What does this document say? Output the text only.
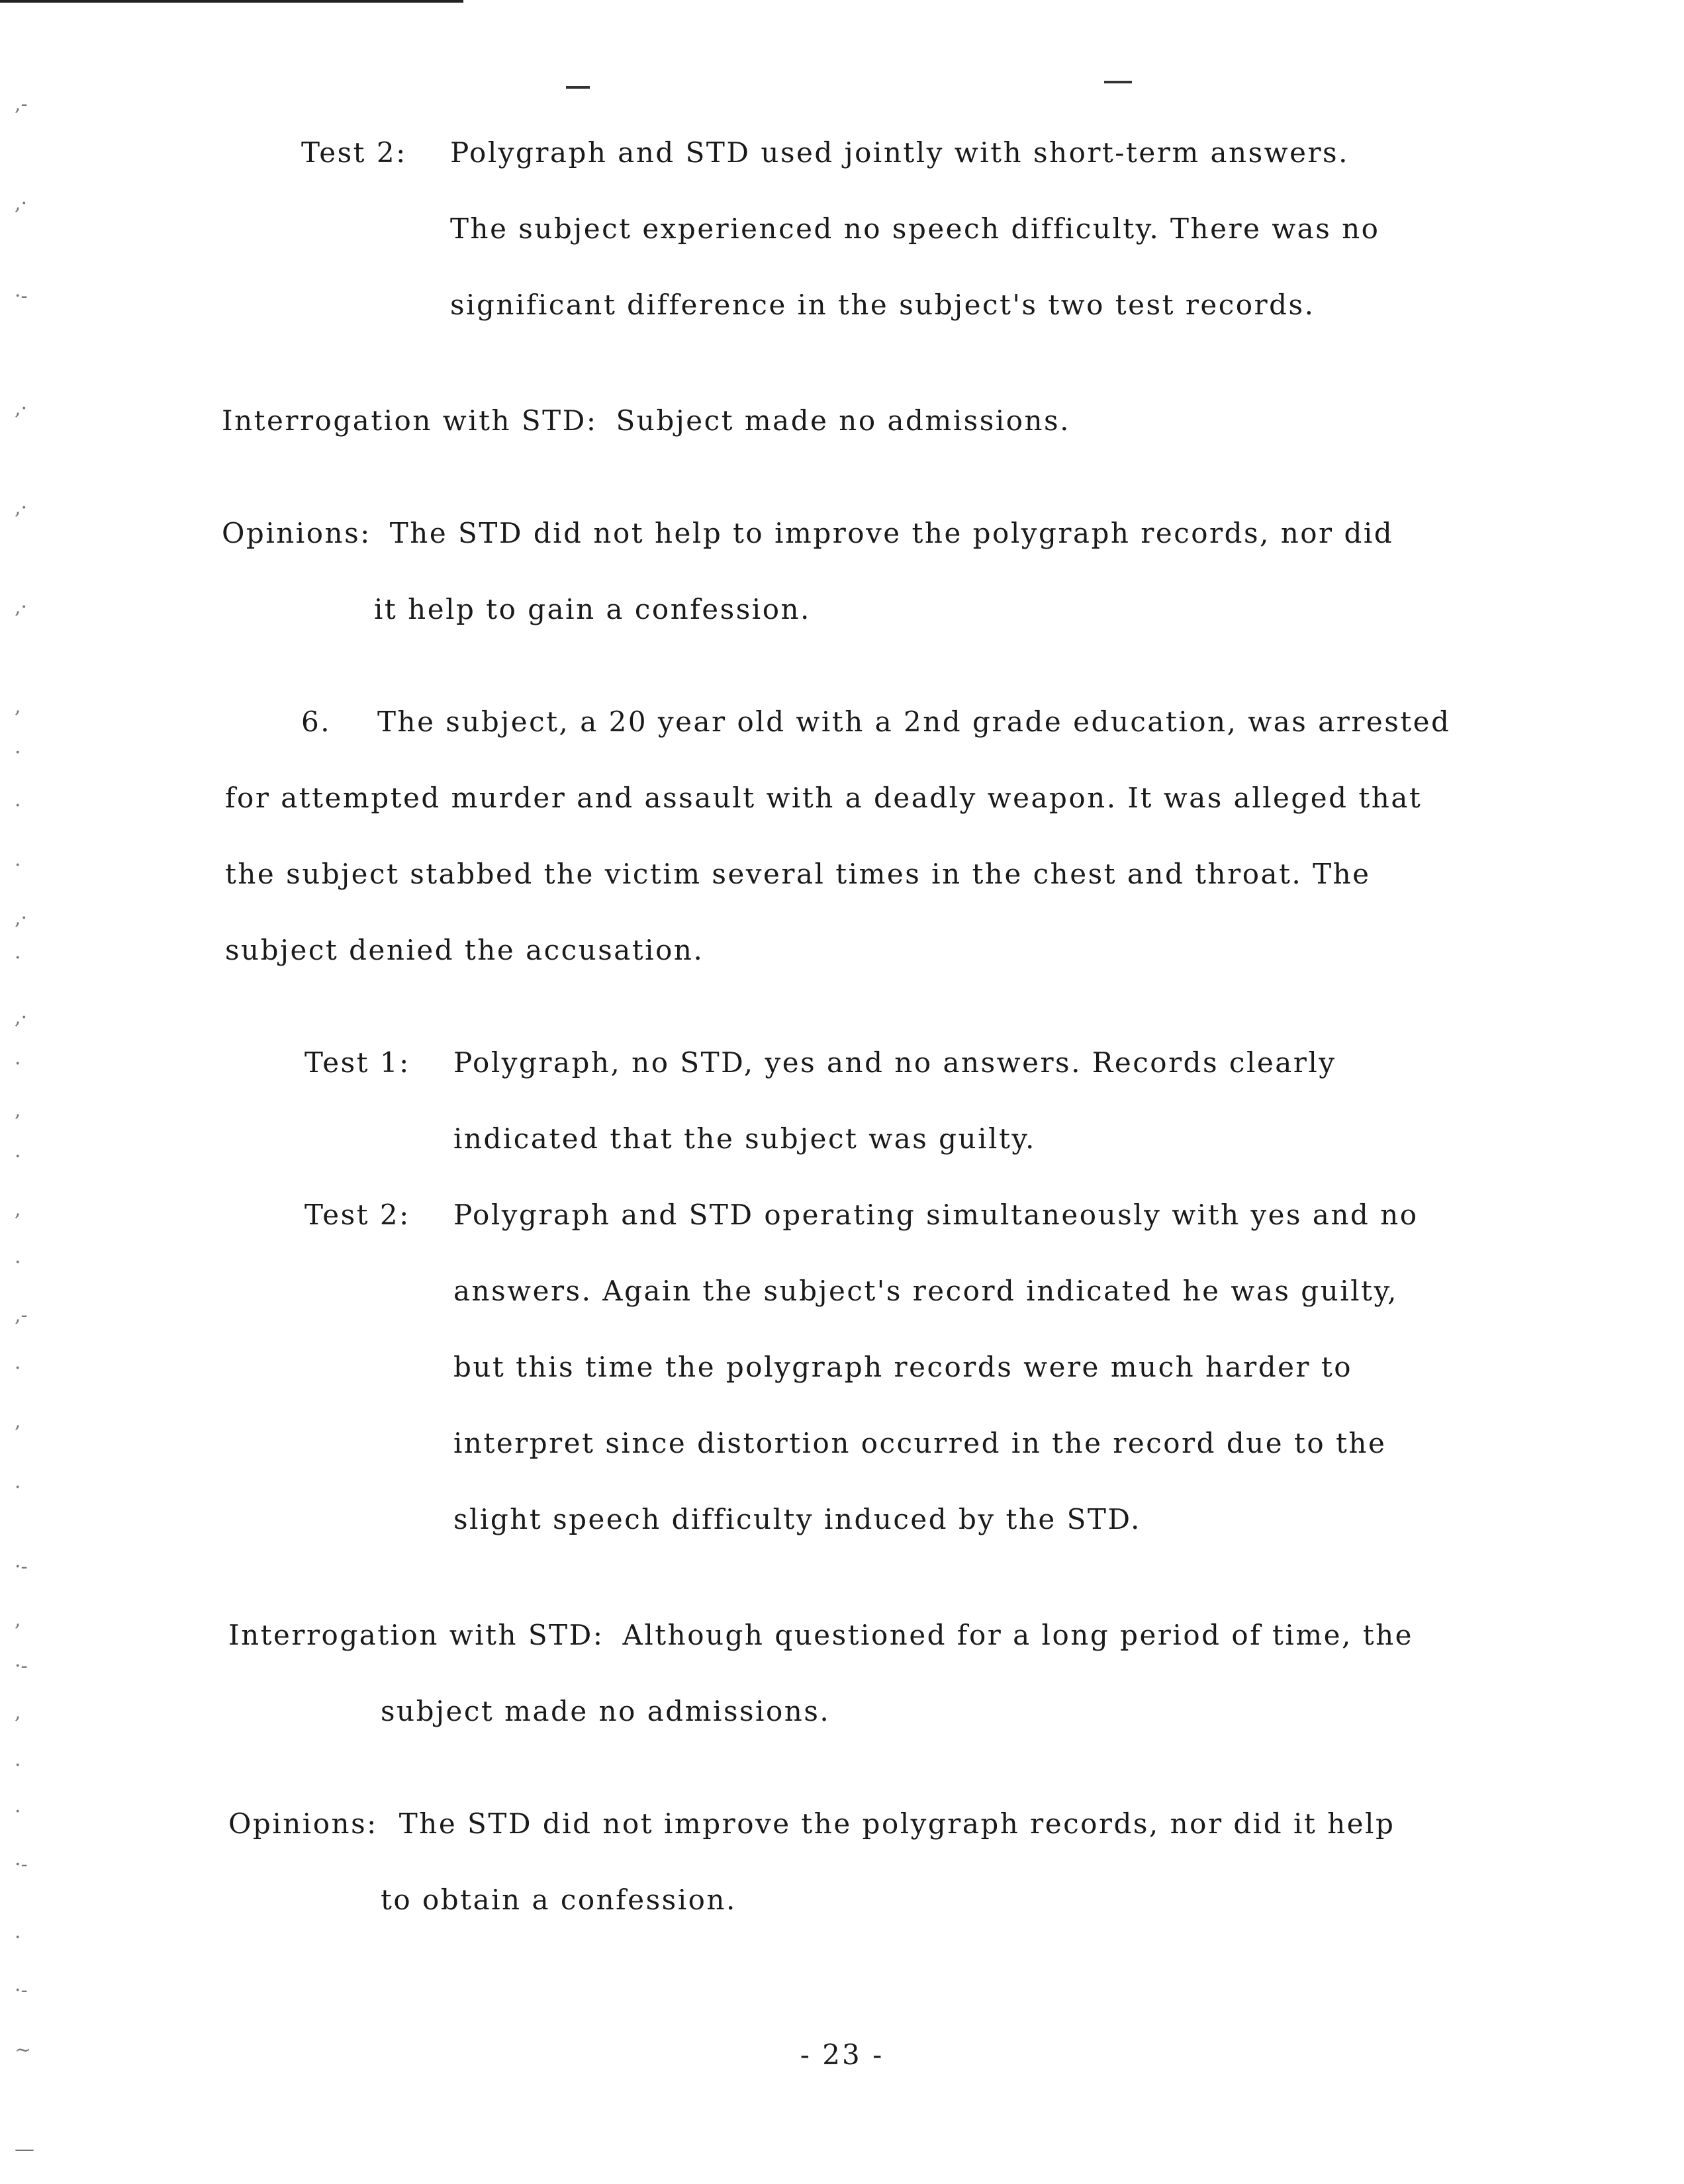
,-
,·
·-
,·
,·
,·
,
·
·
·
,·
·
,·
·
,
·
,
·
,-
·
,
·
·-
,
·-
,
·
·
·-
·
·-
~
—
Test 2: Polygraph and STD used jointly with short-term answers.
The subject experienced no speech difficulty. There was no
significant difference in the subject's two test records.
Interrogation with STD: Subject made no admissions.
Opinions: The STD did not help to improve the polygraph records, nor did
it help to gain a confession.
6. The subject, a 20 year old with a 2nd grade education, was arrested
for attempted murder and assault with a deadly weapon. It was alleged that
the subject stabbed the victim several times in the chest and throat. The
subject denied the accusation.
Test 1: Polygraph, no STD, yes and no answers. Records clearly
indicated that the subject was guilty.
Test 2: Polygraph and STD operating simultaneously with yes and no
answers. Again the subject's record indicated he was guilty,
but this time the polygraph records were much harder to
interpret since distortion occurred in the record due to the
slight speech difficulty induced by the STD.
Interrogation with STD: Although questioned for a long period of time, the
subject made no admissions.
Opinions: The STD did not improve the polygraph records, nor did it help
to obtain a confession.
- 23 -
